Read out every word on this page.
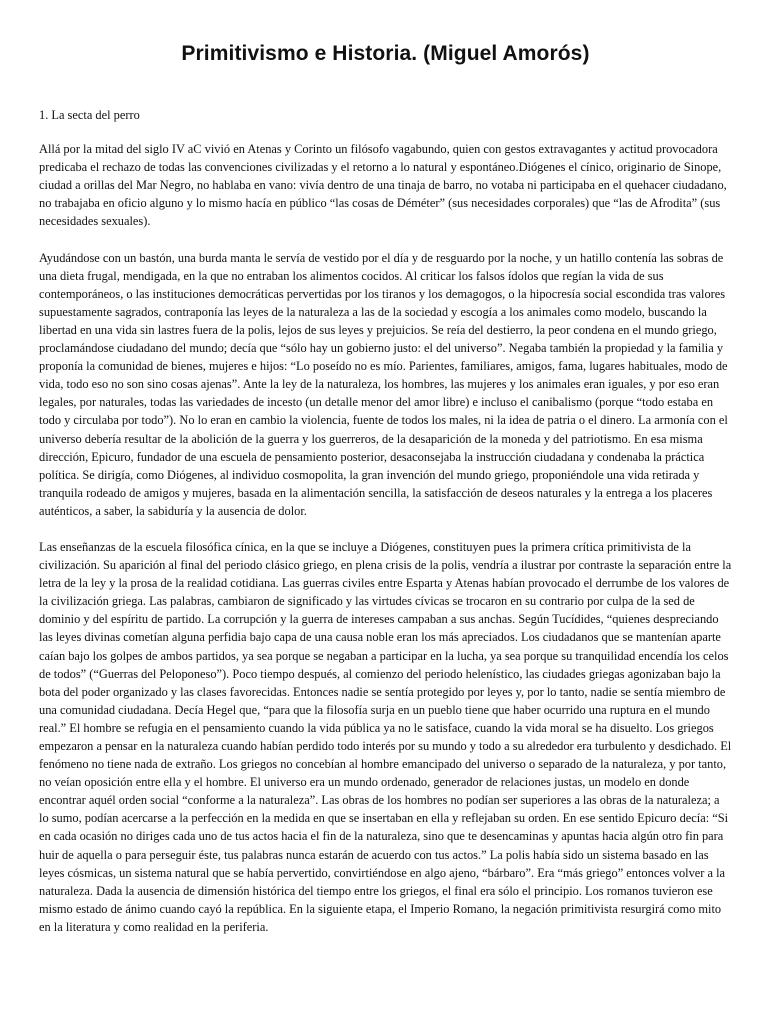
Primitivismo e Historia. (Miguel Amorós)

1. La secta del perro

Allá por la mitad del siglo IV aC vivió en Atenas y Corinto un filósofo vagabundo, quien con gestos extravagantes y actitud provocadora predicaba el rechazo de todas las convenciones civilizadas y el retorno a lo natural y espontáneo.Diógenes el cínico, originario de Sinope, ciudad a orillas del Mar Negro, no hablaba en vano: vivía dentro de una tinaja de barro, no votaba ni participaba en el quehacer ciudadano, no trabajaba en oficio alguno y lo mismo hacía en público “las cosas de Déméter” (sus necesidades corporales) que “las de Afrodita” (sus necesidades sexuales).

Ayudándose con un bastón, una burda manta le servía de vestido por el día y de resguardo por la noche, y un hatillo contenía las sobras de una dieta frugal, mendigada, en la que no entraban los alimentos cocidos. Al criticar los falsos ídolos que regían la vida de sus contemporáneos, o las instituciones democráticas pervertidas por los tiranos y los demagogos, o la hipocresía social escondida tras valores supuestamente sagrados, contraponía las leyes de la naturaleza a las de la sociedad y escogía a los animales como modelo, buscando la libertad en una vida sin lastres fuera de la polis, lejos de sus leyes y prejuicios. Se reía del destierro, la peor condena en el mundo griego, proclamándose ciudadano del mundo; decía que “sólo hay un gobierno justo: el del universo”. Negaba también la propiedad y la familia y proponía la comunidad de bienes, mujeres e hijos: “Lo poseído no es mío. Parientes, familiares, amigos, fama, lugares habituales, modo de vida, todo eso no son sino cosas ajenas”. Ante la ley de la naturaleza, los hombres, las mujeres y los animales eran iguales, y por eso eran legales, por naturales, todas las variedades de incesto (un detalle menor del amor libre) e incluso el canibalismo (porque “todo estaba en todo y circulaba por todo”). No lo eran en cambio la violencia, fuente de todos los males, ni la idea de patria o el dinero. La armonía con el universo debería resultar de la abolición de la guerra y los guerreros, de la desaparición de la moneda y del patriotismo. En esa misma dirección, Epicuro, fundador de una escuela de pensamiento posterior, desaconsejaba la instrucción ciudadana y condenaba la práctica política. Se dirigía, como Diógenes, al individuo cosmopolita, la gran invención del mundo griego, proponiéndole una vida retirada y tranquila rodeado de amigos y mujeres, basada en la alimentación sencilla, la satisfacción de deseos naturales y la entrega a los placeres auténticos, a saber, la sabiduría y la ausencia de dolor.

Las enseñanzas de la escuela filosófica cínica, en la que se incluye a Diógenes, constituyen pues la primera crítica primitivista de la civilización. Su aparición al final del periodo clásico griego, en plena crisis de la polis, vendría a ilustrar por contraste la separación entre la letra de la ley y la prosa de la realidad cotidiana. Las guerras civiles entre Esparta y Atenas habían provocado el derrumbe de los valores de la civilización griega. Las palabras, cambiaron de significado y las virtudes cívicas se trocaron en su contrario por culpa de la sed de dominio y del espíritu de partido. La corrupción y la guerra de intereses campaban a sus anchas. Según Tucídides, “quienes despreciando las leyes divinas cometían alguna perfidia bajo capa de una causa noble eran los más apreciados. Los ciudadanos que se mantenían aparte caían bajo los golpes de ambos partidos, ya sea porque se negaban a participar en la lucha, ya sea porque su tranquilidad encendía los celos de todos” (“Guerras del Peloponeso”). Poco tiempo después, al comienzo del periodo helenístico, las ciudades griegas agonizaban bajo la bota del poder organizado y las clases favorecidas. Entonces nadie se sentía protegido por leyes y, por lo tanto, nadie se sentía miembro de una comunidad ciudadana. Decía Hegel que, “para que la filosofía surja en un pueblo tiene que haber ocurrido una ruptura en el mundo real.” El hombre se refugia en el pensamiento cuando la vida pública ya no le satisface, cuando la vida moral se ha disuelto. Los griegos empezaron a pensar en la naturaleza cuando habían perdido todo interés por su mundo y todo a su alrededor era turbulento y desdichado. El fenómeno no tiene nada de extraño. Los griegos no concebían al hombre emancipado del universo o separado de la naturaleza, y por tanto, no veían oposición entre ella y el hombre. El universo era un mundo ordenado, generador de relaciones justas, un modelo en donde encontrar aquél orden social “conforme a la naturaleza”. Las obras de los hombres no podían ser superiores a las obras de la naturaleza; a lo sumo, podían acercarse a la perfección en la medida en que se insertaban en ella y reflejaban su orden. En ese sentido Epicuro decía: “Si en cada ocasión no diriges cada uno de tus actos hacia el fin de la naturaleza, sino que te desencaminas y apuntas hacia algún otro fin para huir de aquella o para perseguir éste, tus palabras nunca estarán de acuerdo con tus actos.” La polis había sido un sistema basado en las leyes cósmicas, un sistema natural que se había pervertido, convirtiéndose en algo ajeno, “bárbaro”. Era “más griego” entonces volver a la naturaleza. Dada la ausencia de dimensión histórica del tiempo entre los griegos, el final era sólo el principio. Los romanos tuvieron ese mismo estado de ánimo cuando cayó la república. En la siguiente etapa, el Imperio Romano, la negación primitivista resurgirá como mito en la literatura y como realidad en la periferia.
